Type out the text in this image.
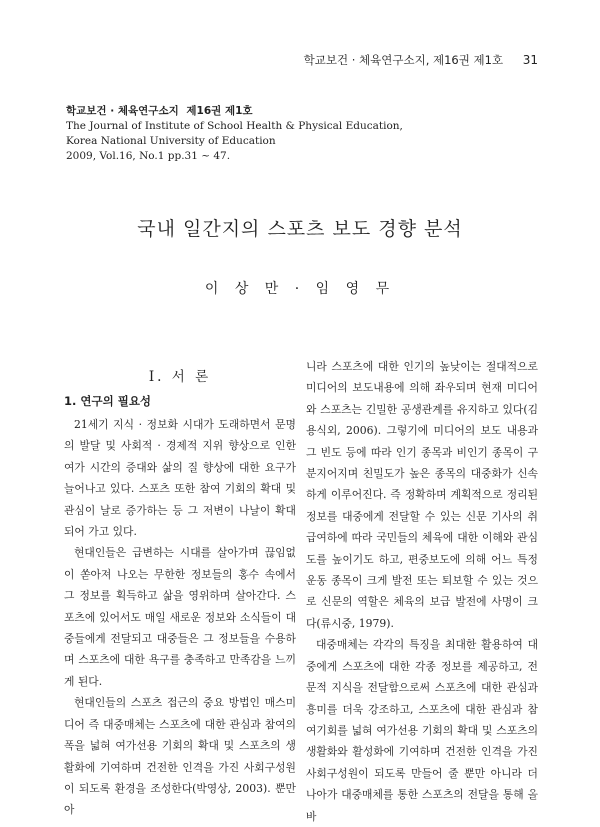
학교보건 · 체육연구소지, 제16권 제1호 31
학교보건 · 체육연구소지 제16권 제1호
The Journal of Institute of School Health & Physical Education,
Korea National University of Education
2009, Vol.16, No.1 pp.31 ~ 47.
국내 일간지의 스포츠 보도 경향 분석
이 상 만 · 임 영 무
Ⅰ. 서 론
1. 연구의 필요성

21세기 지식 · 정보화 시대가 도래하면서 문명의 발달 및 사회적 · 경제적 지위 향상으로 인한 여가 시간의 증대와 삶의 질 향상에 대한 요구가 늘어나고 있다. 스포츠 또한 참여 기회의 확대 및 관심이 날로 증가하는 등 그 저변이 나날이 확대되어 가고 있다.

현대인들은 급변하는 시대를 살아가며 끊임없이 쏟아져 나오는 무한한 정보들의 홍수 속에서 그 정보를 획득하고 삶을 영위하며 살아간다. 스포츠에 있어서도 매일 새로운 정보와 소식들이 대중들에게 전달되고 대중들은 그 정보들을 수용하며 스포츠에 대한 욕구를 충족하고 만족감을 느끼게 된다.

현대인들의 스포츠 접근의 중요 방법인 매스미디어 즉 대중매체는 스포츠에 대한 관심과 참여의 폭을 넓혀 여가선용 기회의 확대 및 스포츠의 생활화에 기여하며 건전한 인격을 가진 사회구성원이 되도록 환경을 조성한다(박영상, 2003). 뿐만 아

니라 스포츠에 대한 인기의 높낮이는 절대적으로 미디어의 보도내용에 의해 좌우되며 현재 미디어와 스포츠는 긴밀한 공생관계를 유지하고 있다(김용식외, 2006). 그렇기에 미디어의 보도 내용과 그 빈도 등에 따라 인기 종목과 비인기 종목이 구분지어지며 친밀도가 높은 종목의 대중화가 신속하게 이루어진다. 즉 정확하며 계획적으로 정리된 정보를 대중에게 전달할 수 있는 신문 기사의 취급여하에 따라 국민들의 체육에 대한 이해와 관심도를 높이기도 하고, 편중보도에 의해 어느 특정 운동 종목이 크게 발전 또는 퇴보할 수 있는 것으로 신문의 역할은 체육의 보급 발전에 사명이 크다(류시중, 1979).

대중매체는 각각의 특징을 최대한 활용하여 대중에게 스포츠에 대한 각종 정보를 제공하고, 전문적 지식을 전달함으로써 스포츠에 대한 관심과 흥미를 더욱 강조하고, 스포츠에 대한 관심과 참여기회를 넓혀 여가선용 기회의 확대 및 스포츠의 생활화와 활성화에 기여하며 건전한 인격을 가진 사회구성원이 되도록 만들어 줄 뿐만 아니라 더 나아가 대중매체를 통한 스포츠의 전달을 통해 올바
